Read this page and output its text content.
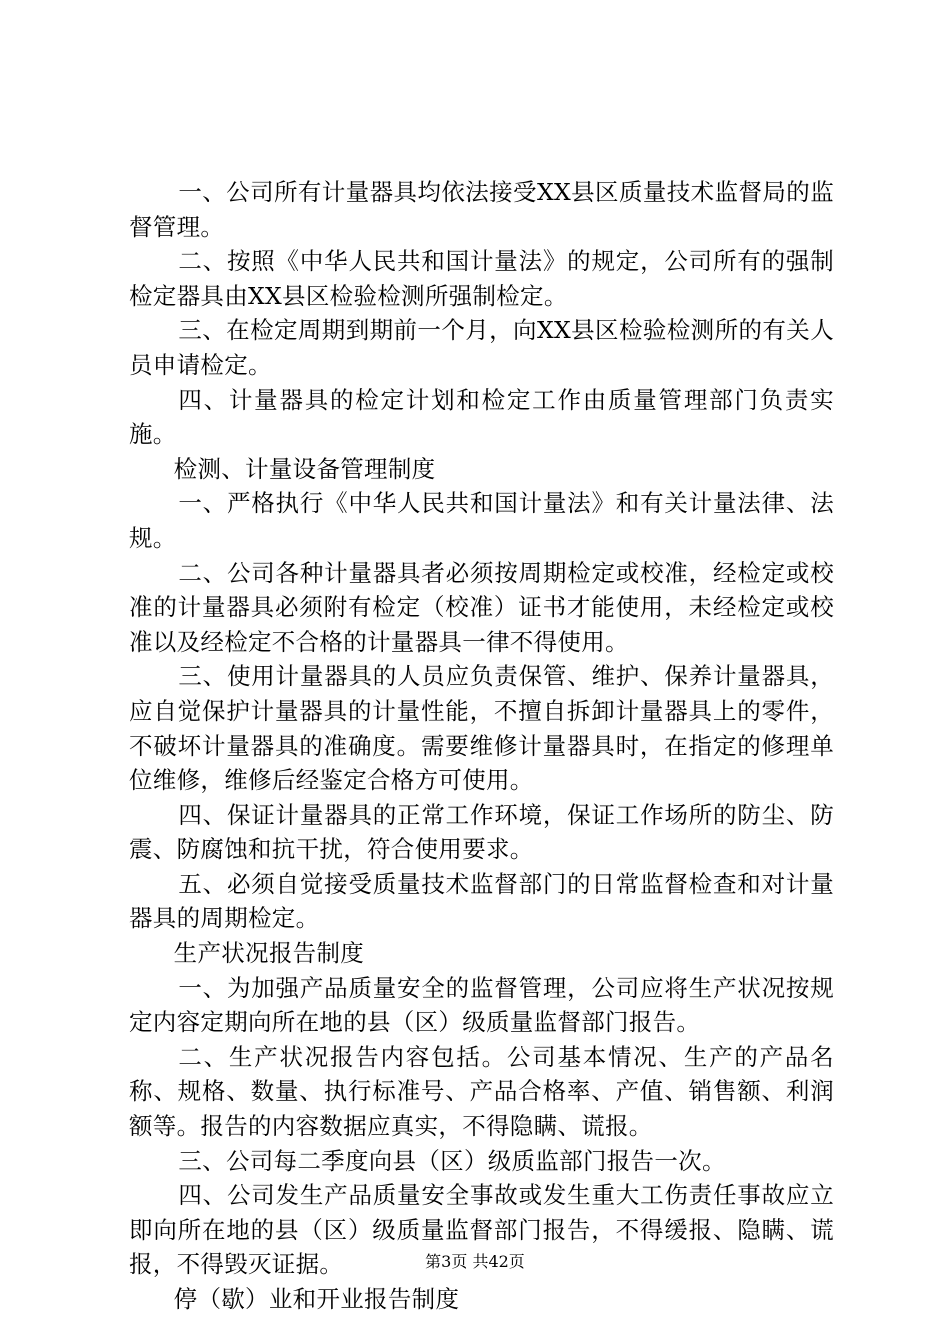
一、公司所有计量器具均依法接受XX县区质量技术监督局的监督管理。

二、按照《中华人民共和国计量法》的规定，公司所有的强制检定器具由XX县区检验检测所强制检定。

三、在检定周期到期前一个月，向XX县区检验检测所的有关人员申请检定。

四、计量器具的检定计划和检定工作由质量管理部门负责实施。

检测、计量设备管理制度

一、严格执行《中华人民共和国计量法》和有关计量法律、法规。

二、公司各种计量器具者必须按周期检定或校准，经检定或校准的计量器具必须附有检定（校准）证书才能使用，未经检定或校准以及经检定不合格的计量器具一律不得使用。

三、使用计量器具的人员应负责保管、维护、保养计量器具，应自觉保护计量器具的计量性能，不擅自拆卸计量器具上的零件，不破坏计量器具的准确度。需要维修计量器具时，在指定的修理单位维修，维修后经鉴定合格方可使用。

四、保证计量器具的正常工作环境，保证工作场所的防尘、防震、防腐蚀和抗干扰，符合使用要求。

五、必须自觉接受质量技术监督部门的日常监督检查和对计量器具的周期检定。

生产状况报告制度

一、为加强产品质量安全的监督管理，公司应将生产状况按规定内容定期向所在地的县（区）级质量监督部门报告。

二、生产状况报告内容包括。公司基本情况、生产的产品名称、规格、数量、执行标准号、产品合格率、产值、销售额、利润额等。报告的内容数据应真实，不得隐瞒、谎报。

三、公司每二季度向县（区）级质监部门报告一次。

四、公司发生产品质量安全事故或发生重大工伤责任事故应立即向所在地的县（区）级质量监督部门报告，不得缓报、隐瞒、谎报，不得毁灭证据。

停（歇）业和开业报告制度

第3页 共42页
